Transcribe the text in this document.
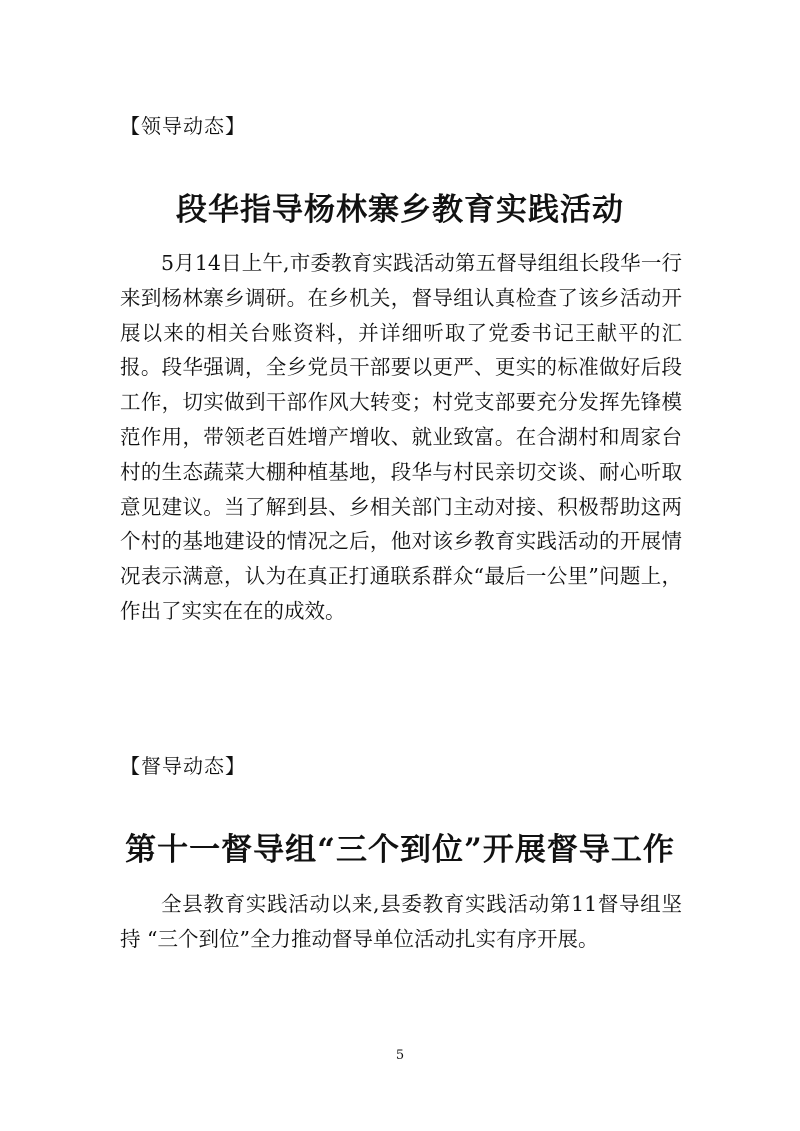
【领导动态】
段华指导杨林寨乡教育实践活动

5月14日上午,市委教育实践活动第五督导组组长段华一行来到杨林寨乡调研。在乡机关，督导组认真检查了该乡活动开展以来的相关台账资料，并详细听取了党委书记王献平的汇报。段华强调，全乡党员干部要以更严、更实的标准做好后段工作，切实做到干部作风大转变；村党支部要充分发挥先锋模范作用，带领老百姓增产增收、就业致富。在合湖村和周家台村的生态蔬菜大棚种植基地，段华与村民亲切交谈、耐心听取意见建议。当了解到县、乡相关部门主动对接、积极帮助这两个村的基地建设的情况之后，他对该乡教育实践活动的开展情况表示满意，认为在真正打通联系群众“最后一公里”问题上，作出了实实在在的成效。

【督导动态】
第十一督导组“三个到位”开展督导工作

全县教育实践活动以来,县委教育实践活动第11督导组坚持 “三个到位”全力推动督导单位活动扎实有序开展。

5
